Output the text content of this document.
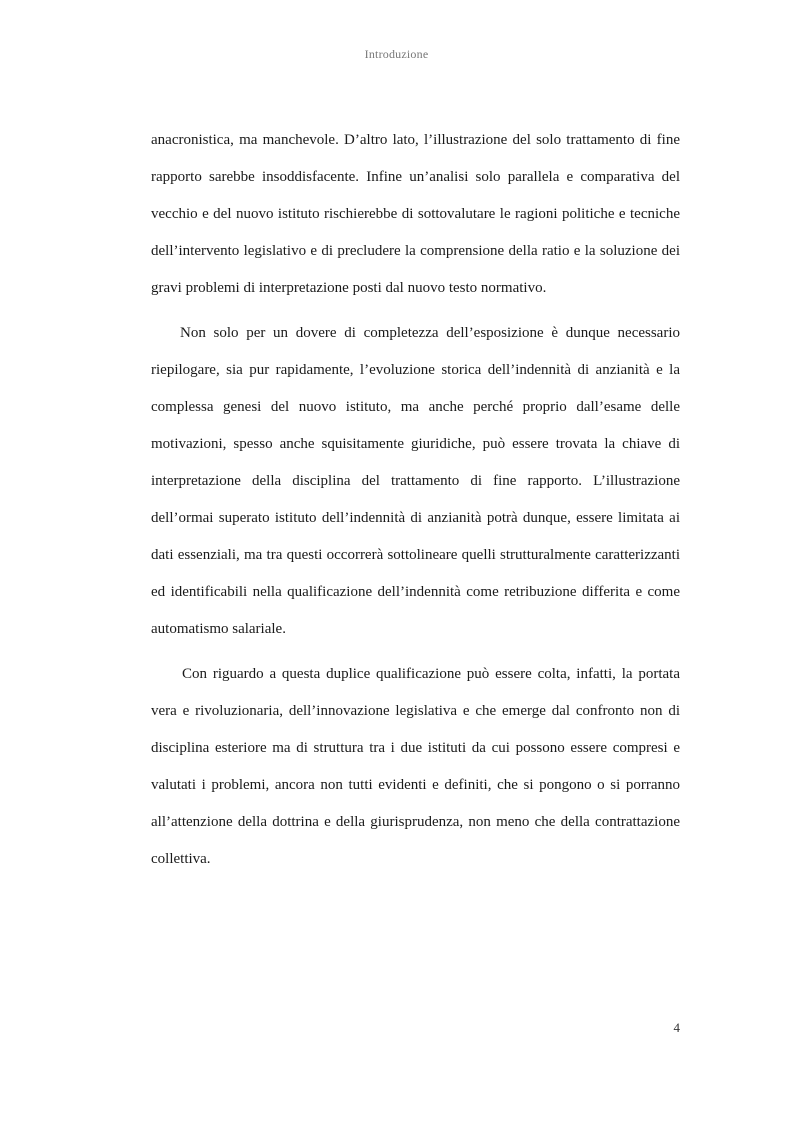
Introduzione

anacronistica, ma manchevole. D’altro lato, l’illustrazione del solo trattamento di fine rapporto sarebbe insoddisfacente. Infine un’analisi solo parallela e comparativa del vecchio e del nuovo istituto rischierebbe di sottovalutare le ragioni politiche e tecniche dell’intervento legislativo e di precludere la comprensione della ratio e la soluzione dei gravi problemi di interpretazione posti dal nuovo testo normativo.

Non solo per un dovere di completezza dell’esposizione è dunque necessario riepilogare, sia pur rapidamente, l’evoluzione storica dell’indennità di anzianità e la complessa genesi del nuovo istituto, ma anche perché proprio dall’esame delle motivazioni, spesso anche squisitamente giuridiche, può essere trovata la chiave di interpretazione della disciplina del trattamento di fine rapporto. L’illustrazione dell’ormai superato istituto dell’indennità di anzianità potrà dunque, essere limitata ai dati essenziali, ma tra questi occorrerà sottolineare quelli strutturalmente caratterizzanti ed identificabili nella qualificazione dell’indennità come retribuzione differita e come automatismo salariale.

Con riguardo a questa duplice qualificazione può essere colta, infatti, la portata vera e rivoluzionaria, dell’innovazione legislativa e che emerge dal confronto non di disciplina esteriore ma di struttura tra i due istituti da cui possono essere compresi e valutati i problemi, ancora non tutti evidenti e definiti, che si pongono o si porranno all’attenzione della dottrina e della giurisprudenza, non meno che della contrattazione collettiva.

4
